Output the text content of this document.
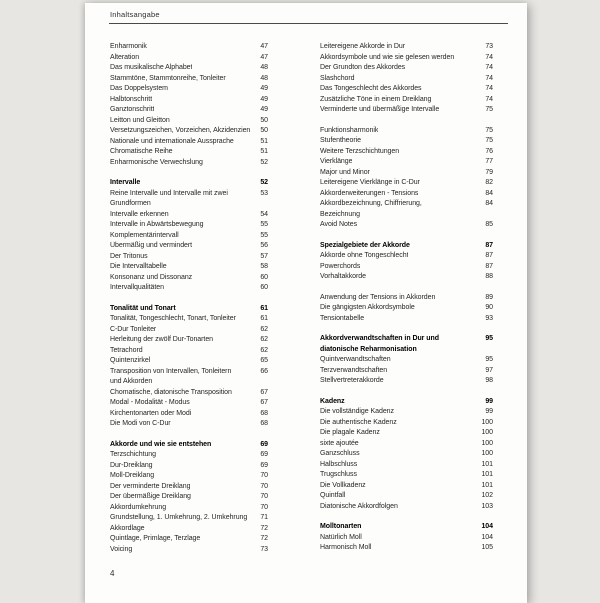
Inhaltsangabe
Enharmonik	47
Alteration	47
Das musikalische Alphabet	48
Stammtöne, Stammtonreihe, Tonleiter	48
Das Doppelsystem	49
Halbtonschritt	49
Ganztonschritt	49
Leitton und Gleitton	50
Versetzungszeichen, Vorzeichen, Akzidenzien 50
Nationale und internationale Aussprache	51
Chromatische Reihe	51
Enharmonische Verwechslung	52
Intervalle	52
Reine Intervalle und Intervalle mit zwei	53
Grundformen
Intervalle erkennen	54
Intervalle in Abwärtsbewegung	55
Komplementärintervall	55
Übermäßig und vermindert	56
Der Tritonus	57
Die Intervalltabelle	58
Konsonanz und Dissonanz	60
Intervallqualitäten	60
Tonalität und Tonart	61
Tonalität, Tongeschlecht, Tonart, Tonleiter	61
C-Dur Tonleiter	62
Herleitung der zwölf Dur-Tonarten	62
Tetrachord	62
Quintenzirkel	65
Transposition von Intervallen, Tonleitern	66
und Akkorden
Chomatische, diatonische Transposition	67
Modal - Modalität - Modus	67
Kirchentonarten oder Modi	68
Die Modi von C-Dur	68
Akkorde und wie sie entstehen	69
Terzschichtung	69
Dur-Dreiklang	69
Moll-Dreiklang	70
Der verminderte Dreiklang	70
Der übermäßige Dreiklang	70
Akkordumkehrung	70
Grundstellung, 1. Umkehrung, 2. Umkehrung 71
Akkordlage	72
Quintlage, Primlage, Terzlage	72
Voicing	73
Leitereigene Akkorde in Dur	73
Akkordsymbole und wie sie gelesen werden	74
Der Grundton des Akkordes	74
Slashchord	74
Das Tongeschlecht des Akkordes	74
Zusätzliche Töne in einem Dreiklang	74
Verminderte und übermäßige Intervalle	75
Funktionsharmonik	75
Stufentheorie	75
Weitere Terzschichtungen	76
Vierklänge	77
Major und Minor	79
Leitereigene Vierklänge in C-Dur	82
Akkorderweiterungen - Tensions	84
Akkordbezeichnung, Chiffrierung,	84
Bezeichnung
Avoid Notes	85
Spezialgebiete der Akkorde	87
Akkorde ohne Tongeschlecht	87
Powerchords	87
Vorhaltakkorde	88
Anwendung der Tensions in Akkorden	89
Die gängigsten Akkordsymbole	90
Tensiontabelle	93
Akkordverwandtschaften in Dur und	95
diatonische Reharmonisation
Quintverwandtschaften	95
Terzverwandtschaften	97
Stellvertreterakkorde	98
Kadenz	99
Die vollständige Kadenz	99
Die authentische Kadenz	100
Die plagale Kadenz	100
sixte ajoutée	100
Ganzschluss	100
Halbschluss	101
Trugschluss	101
Die Vollkadenz	101
Quintfall	102
Diatonische Akkordfolgen	103
Molltonarten	104
Natürlich Moll	104
Harmonisch Moll	105
4
